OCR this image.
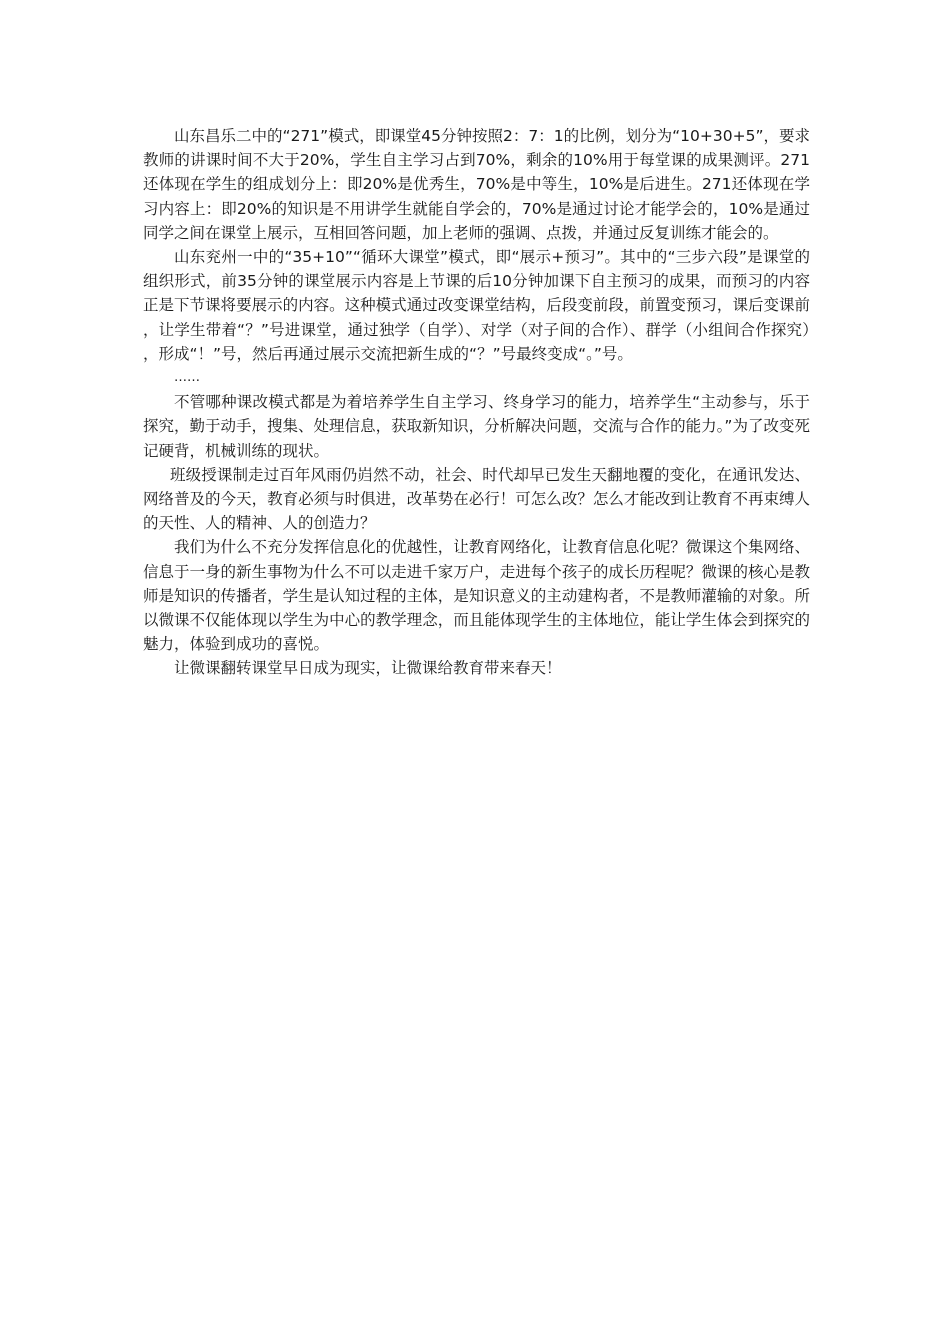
山东昌乐二中的“271”模式，即课堂45分钟按照2：7：1的比例，划分为“10+30+5”，要求教师的讲课时间不大于20%，学生自主学习占到70%，剩余的10%用于每堂课的成果测评。271还体现在学生的组成划分上：即20%是优秀生，70%是中等生，10%是后进生。271还体现在学习内容上：即20%的知识是不用讲学生就能自学会的，70%是通过讨论才能学会的，10%是通过同学之间在课堂上展示，互相回答问题，加上老师的强调、点拨，并通过反复训练才能会的。

山东兖州一中的“35+10”“循环大课堂”模式，即“展示+预习”。其中的“三步六段”是课堂的组织形式，前35分钟的课堂展示内容是上节课的后10分钟加课下自主预习的成果，而预习的内容正是下节课将要展示的内容。这种模式通过改变课堂结构，后段变前段，前置变预习，课后变课前，让学生带着“？”号进课堂，通过独学（自学）、对学（对子间的合作）、群学（小组间合作探究），形成“！”号，然后再通过展示交流把新生成的“？”号最终变成“。”号。

……

不管哪种课改模式都是为着培养学生自主学习、终身学习的能力，培养学生“主动参与，乐于探究，勤于动手，搜集、处理信息，获取新知识，分析解决问题，交流与合作的能力。”为了改变死记硬背，机械训练的现状。

班级授课制走过百年风雨仍岿然不动，社会、时代却早已发生天翻地覆的变化，在通讯发达、网络普及的今天，教育必须与时俱进，改革势在必行！可怎么改？怎么才能改到让教育不再束缚人的天性、人的精神、人的创造力？

我们为什么不充分发挥信息化的优越性，让教育网络化，让教育信息化呢？微课这个集网络、信息于一身的新生事物为什么不可以走进千家万户，走进每个孩子的成长历程呢？微课的核心是教师是知识的传播者，学生是认知过程的主体，是知识意义的主动建构者，不是教师灌输的对象。所以微课不仅能体现以学生为中心的教学理念，而且能体现学生的主体地位，能让学生体会到探究的魅力，体验到成功的喜悦。

让微课翻转课堂早日成为现实，让微课给教育带来春天！
